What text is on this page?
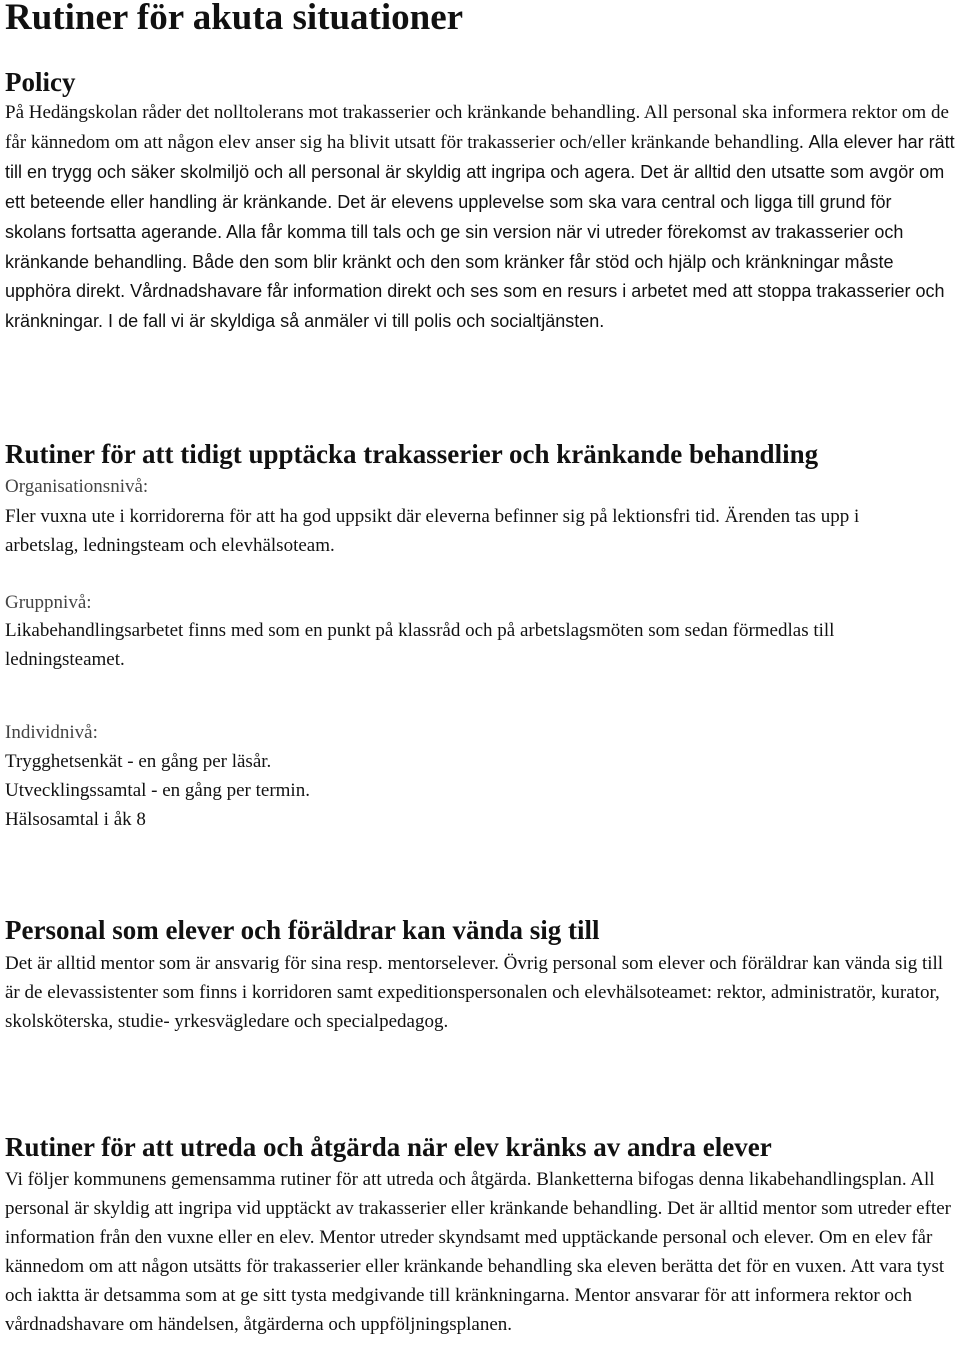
Rutiner för akuta situationer
Policy

På Hedängskolan råder det nolltolerans mot trakasserier och kränkande behandling. All personal ska informera rektor om de får kännedom om att någon elev anser sig ha blivit utsatt för trakasserier och/eller kränkande behandling. Alla elever har rätt till en trygg och säker skolmiljö och all personal är skyldig att ingripa och agera. Det är alltid den utsatte som avgör om ett beteende eller handling är kränkande. Det är elevens upplevelse som ska vara central och ligga till grund för skolans fortsatta agerande. Alla får komma till tals och ge sin version när vi utreder förekomst av trakasserier och kränkande behandling. Både den som blir kränkt och den som kränker får stöd och hjälp och kränkningar måste upphöra direkt. Vårdnadshavare får information direkt och ses som en resurs i arbetet med att stoppa trakasserier och kränkningar. I de fall vi är skyldiga så anmäler vi till polis och socialtjänsten.

Rutiner för att tidigt upptäcka trakasserier och kränkande behandling

Organisationsnivå:

Fler vuxna ute i korridorerna för att ha god uppsikt där eleverna befinner sig på lektionsfri tid. Ärenden tas upp i arbetslag, ledningsteam och elevhälsoteam.

Gruppnivå:

Likabehandlingsarbetet finns med som en punkt på klassråd och på arbetslagsmöten som sedan förmedlas till ledningsteamet.

Individnivå:

Trygghetsenkät - en gång per läsår.

Utvecklingssamtal - en gång per termin.

Hälsosamtal i åk 8

Personal som elever och föräldrar kan vända sig till

Det är alltid mentor som är ansvarig för sina resp. mentorselever. Övrig personal som elever och föräldrar kan vända sig till är de elevassistenter som finns i korridoren samt expeditionspersonalen och elevhälsoteamet: rektor, administratör, kurator, skolsköterska, studie- yrkesvägledare och specialpedagog.

Rutiner för att utreda och åtgärda när elev kränks av andra elever

Vi följer kommunens gemensamma rutiner för att utreda och åtgärda. Blanketterna bifogas denna likabehandlingsplan. All personal är skyldig att ingripa vid upptäckt av trakasserier eller kränkande behandling. Det är alltid mentor som utreder efter information från den vuxne eller en elev. Mentor utreder skyndsamt med upptäckande personal och elever. Om en elev får kännedom om att någon utsätts för trakasserier eller kränkande behandling ska eleven berätta det för en vuxen. Att vara tyst och iaktta är detsamma som at ge sitt tysta medgivande till kränkningarna. Mentor ansvarar för att informera rektor och vårdnadshavare om händelsen, åtgärderna och uppföljningsplanen.
